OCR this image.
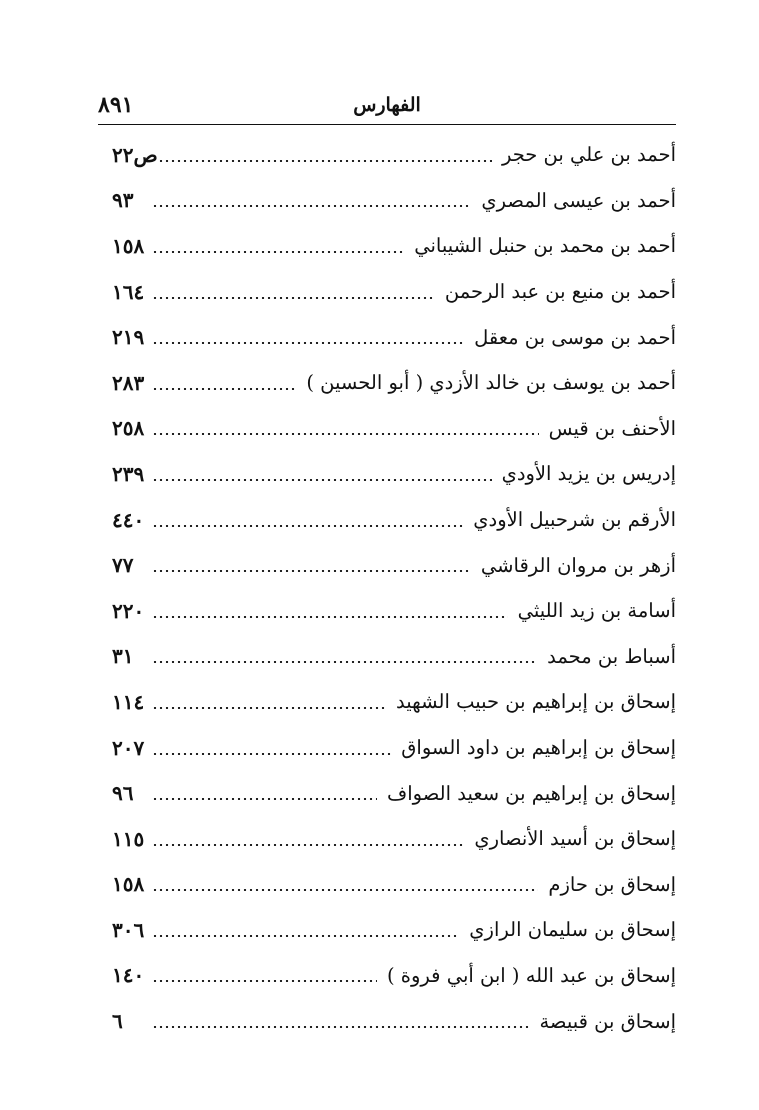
الفهارس
٨٩١
أحمد بن علي بن حجر
ص٢٢
أحمد بن عيسى المصري
٩٣
أحمد بن محمد بن حنبل الشيباني
١٥٨
أحمد بن منيع بن عبد الرحمن
١٦٤
أحمد بن موسى بن معقل
٢١٩
أحمد بن يوسف بن خالد الأزدي ( أبو الحسين )
٢٨٣
الأحنف بن قيس
٢٥٨
إدريس بن يزيد الأودي
٢٣٩
الأرقم بن شرحبيل الأودي
٤٤٠
أزهر بن مروان الرقاشي
٧٧
أسامة بن زيد الليثي
٢٢٠
أسباط بن محمد
٣١
إسحاق بن إبراهيم بن حبيب الشهيد
١١٤
إسحاق بن إبراهيم بن داود السواق
٢٠٧
إسحاق بن إبراهيم بن سعيد الصواف
٩٦
إسحاق بن أسيد الأنصاري
١١٥
إسحاق بن حازم
١٥٨
إسحاق بن سليمان الرازي
٣٠٦
إسحاق بن عبد الله ( ابن أبي فروة )
١٤٠
إسحاق بن قبيصة
٦
